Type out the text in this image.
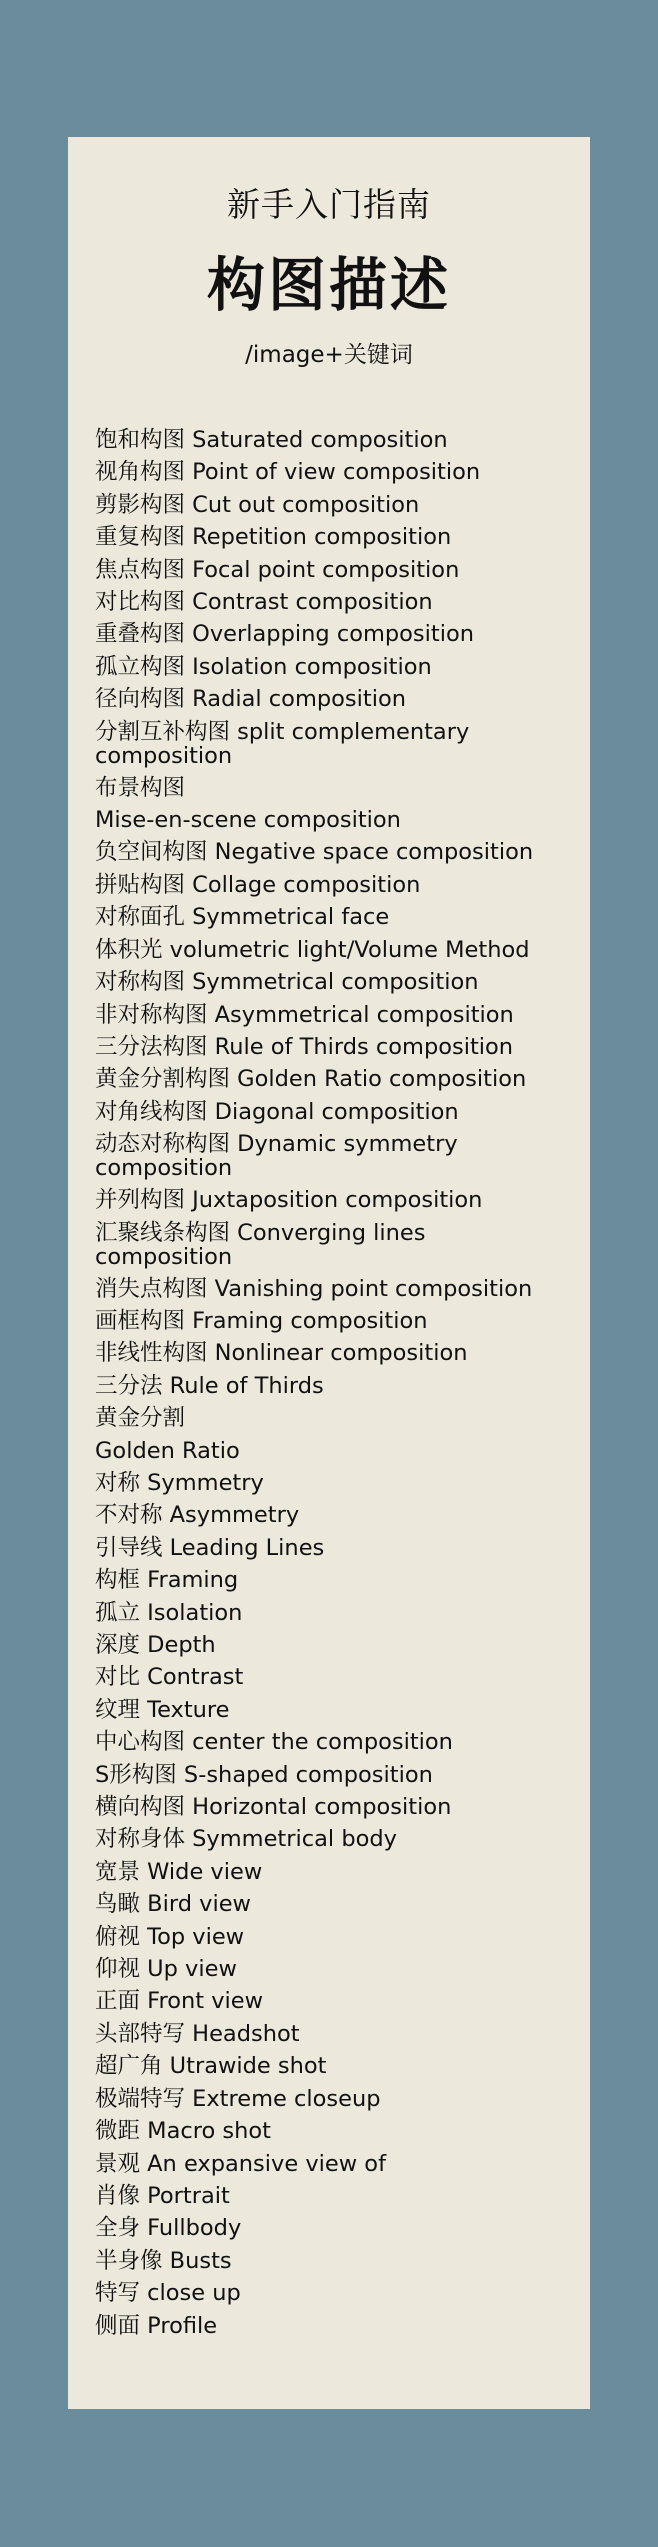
新手入门指南
构图描述
/image+关键词
饱和构图 Saturated composition
视角构图 Point of view composition
剪影构图 Cut out composition
重复构图 Repetition composition
焦点构图 Focal point composition
对比构图 Contrast composition
重叠构图 Overlapping composition
孤立构图 Isolation composition
径向构图 Radial composition
分割互补构图 split complementary composition
布景构图
Mise-en-scene composition
负空间构图 Negative space composition
拼贴构图 Collage composition
对称面孔 Symmetrical face
体积光 volumetric light/Volume Method
对称构图 Symmetrical composition
非对称构图 Asymmetrical composition
三分法构图 Rule of Thirds composition
黄金分割构图 Golden Ratio composition
对角线构图 Diagonal composition
动态对称构图 Dynamic symmetry composition
并列构图 Juxtaposition composition
汇聚线条构图 Converging lines composition
消失点构图 Vanishing point composition
画框构图 Framing composition
非线性构图 Nonlinear composition
三分法 Rule of Thirds
黄金分割
Golden Ratio
对称 Symmetry
不对称 Asymmetry
引导线 Leading Lines
构框 Framing
孤立 Isolation
深度 Depth
对比 Contrast
纹理 Texture
中心构图 center the composition
S形构图 S-shaped composition
横向构图 Horizontal composition
对称身体 Symmetrical body
宽景 Wide view
鸟瞰 Bird view
俯视 Top view
仰视 Up view
正面 Front view
头部特写 Headshot
超广角 Utrawide shot
极端特写 Extreme closeup
微距 Macro shot
景观 An expansive view of
肖像 Portrait
全身 Fullbody
半身像 Busts
特写 close up
侧面 Profile
